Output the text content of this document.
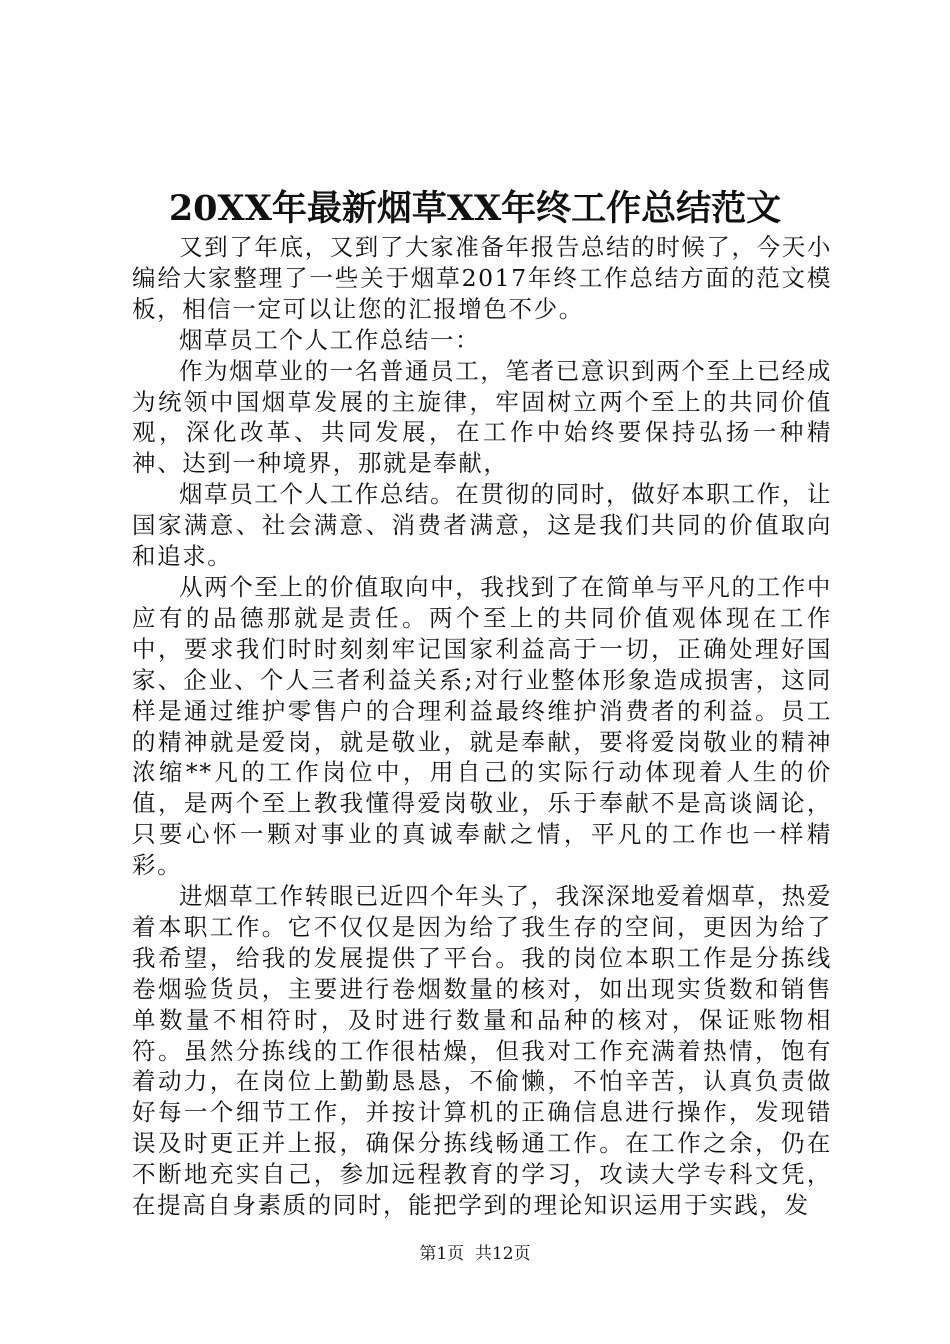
20XX年最新烟草XX年终工作总结范文

又到了年底，又到了大家准备年报告总结的时候了，今天小编给大家整理了一些关于烟草2017年终工作总结方面的范文模板，相信一定可以让您的汇报增色不少。

烟草员工个人工作总结一：

作为烟草业的一名普通员工，笔者已意识到两个至上已经成为统领中国烟草发展的主旋律，牢固树立两个至上的共同价值观，深化改革、共同发展，在工作中始终要保持弘扬一种精神、达到一种境界，那就是奉献，

烟草员工个人工作总结。在贯彻的同时，做好本职工作，让国家满意、社会满意、消费者满意，这是我们共同的价值取向和追求。

从两个至上的价值取向中，我找到了在简单与平凡的工作中应有的品德那就是责任。两个至上的共同价值观体现在工作中，要求我们时时刻刻牢记国家利益高于一切，正确处理好国家、企业、个人三者利益关系;对行业整体形象造成损害，这同样是通过维护零售户的合理利益最终维护消费者的利益。员工的精神就是爱岗，就是敬业，就是奉献，要将爱岗敬业的精神浓缩**凡的工作岗位中，用自己的实际行动体现着人生的价值，是两个至上教我懂得爱岗敬业，乐于奉献不是高谈阔论，只要心怀一颗对事业的真诚奉献之情，平凡的工作也一样精彩。

进烟草工作转眼已近四个年头了，我深深地爱着烟草，热爱着本职工作。它不仅仅是因为给了我生存的空间，更因为给了我希望，给我的发展提供了平台。我的岗位本职工作是分拣线卷烟验货员，主要进行卷烟数量的核对，如出现实货数和销售单数量不相符时，及时进行数量和品种的核对，保证账物相符。虽然分拣线的工作很枯燥，但我对工作充满着热情，饱有着动力，在岗位上勤勤恳恳，不偷懒，不怕辛苦，认真负责做好每一个细节工作，并按计算机的正确信息进行操作，发现错误及时更正并上报，确保分拣线畅通工作。在工作之余，仍在不断地充实自己，参加远程教育的学习，攻读大学专科文凭，在提高自身素质的同时，能把学到的理论知识运用于实践，发

第1页  共12页
